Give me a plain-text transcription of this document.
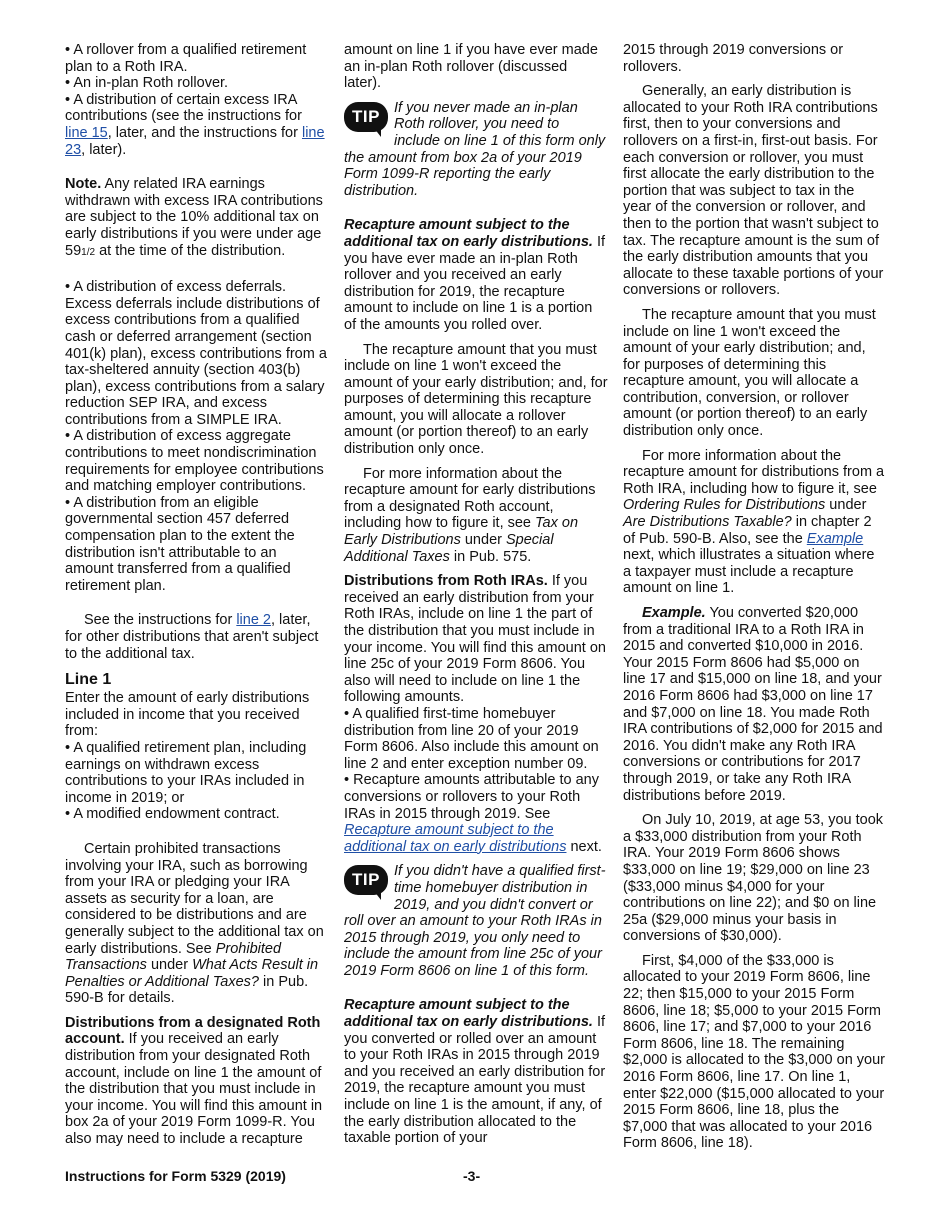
• A rollover from a qualified retirement plan to a Roth IRA.

• An in-plan Roth rollover.

• A distribution of certain excess IRA contributions (see the instructions for line 15, later, and the instructions for line 23, later).

Note. Any related IRA earnings withdrawn with excess IRA contributions are subject to the 10% additional tax on early distributions if you were under age 591/2 at the time of the distribution.

• A distribution of excess deferrals. Excess deferrals include distributions of excess contributions from a qualified cash or deferred arrangement (section 401(k) plan), excess contributions from a tax-sheltered annuity (section 403(b) plan), excess contributions from a salary reduction SEP IRA, and excess contributions from a SIMPLE IRA.

• A distribution of excess aggregate contributions to meet nondiscrimination requirements for employee contributions and matching employer contributions.

• A distribution from an eligible governmental section 457 deferred compensation plan to the extent the distribution isn't attributable to an amount transferred from a qualified retirement plan.

See the instructions for line 2, later, for other distributions that aren't subject to the additional tax.

Line 1

Enter the amount of early distributions included in income that you received from:

• A qualified retirement plan, including earnings on withdrawn excess contributions to your IRAs included in income in 2019; or

• A modified endowment contract.

Certain prohibited transactions involving your IRA, such as borrowing from your IRA or pledging your IRA assets as security for a loan, are considered to be distributions and are generally subject to the additional tax on early distributions. See Prohibited Transactions under What Acts Result in Penalties or Additional Taxes? in Pub. 590-B for details.

Distributions from a designated Roth account. If you received an early distribution from your designated Roth account, include on line 1 the amount of the distribution that you must include in your income. You will find this amount in box 2a of your 2019 Form 1099-R. You also may need to include a recapture

amount on line 1 if you have ever made an in-plan Roth rollover (discussed later).

TIP If you never made an in-plan Roth rollover, you need to include on line 1 of this form only the amount from box 2a of your 2019 Form 1099-R reporting the early distribution.

Recapture amount subject to the additional tax on early distributions. If you have ever made an in-plan Roth rollover and you received an early distribution for 2019, the recapture amount to include on line 1 is a portion of the amounts you rolled over.

The recapture amount that you must include on line 1 won't exceed the amount of your early distribution; and, for purposes of determining this recapture amount, you will allocate a rollover amount (or portion thereof) to an early distribution only once.

For more information about the recapture amount for early distributions from a designated Roth account, including how to figure it, see Tax on Early Distributions under Special Additional Taxes in Pub. 575.

Distributions from Roth IRAs. If you received an early distribution from your Roth IRAs, include on line 1 the part of the distribution that you must include in your income. You will find this amount on line 25c of your 2019 Form 8606. You also will need to include on line 1 the following amounts.

• A qualified first-time homebuyer distribution from line 20 of your 2019 Form 8606. Also include this amount on line 2 and enter exception number 09.

• Recapture amounts attributable to any conversions or rollovers to your Roth IRAs in 2015 through 2019. See Recapture amount subject to the additional tax on early distributions next.

TIP If you didn't have a qualified first-time homebuyer distribution in 2019, and you didn't convert or roll over an amount to your Roth IRAs in 2015 through 2019, you only need to include the amount from line 25c of your 2019 Form 8606 on line 1 of this form.

Recapture amount subject to the additional tax on early distributions. If you converted or rolled over an amount to your Roth IRAs in 2015 through 2019 and you received an early distribution for 2019, the recapture amount you must include on line 1 is the amount, if any, of the early distribution allocated to the taxable portion of your

2015 through 2019 conversions or rollovers.

Generally, an early distribution is allocated to your Roth IRA contributions first, then to your conversions and rollovers on a first-in, first-out basis. For each conversion or rollover, you must first allocate the early distribution to the portion that was subject to tax in the year of the conversion or rollover, and then to the portion that wasn't subject to tax. The recapture amount is the sum of the early distribution amounts that you allocate to these taxable portions of your conversions or rollovers.

The recapture amount that you must include on line 1 won't exceed the amount of your early distribution; and, for purposes of determining this recapture amount, you will allocate a contribution, conversion, or rollover amount (or portion thereof) to an early distribution only once.

For more information about the recapture amount for distributions from a Roth IRA, including how to figure it, see Ordering Rules for Distributions under Are Distributions Taxable? in chapter 2 of Pub. 590-B. Also, see the Example next, which illustrates a situation where a taxpayer must include a recapture amount on line 1.

Example. You converted $20,000 from a traditional IRA to a Roth IRA in 2015 and converted $10,000 in 2016. Your 2015 Form 8606 had $5,000 on line 17 and $15,000 on line 18, and your 2016 Form 8606 had $3,000 on line 17 and $7,000 on line 18. You made Roth IRA contributions of $2,000 for 2015 and 2016. You didn't make any Roth IRA conversions or contributions for 2017 through 2019, or take any Roth IRA distributions before 2019.

On July 10, 2019, at age 53, you took a $33,000 distribution from your Roth IRA. Your 2019 Form 8606 shows $33,000 on line 19; $29,000 on line 23 ($33,000 minus $4,000 for your contributions on line 22); and $0 on line 25a ($29,000 minus your basis in conversions of $30,000).

First, $4,000 of the $33,000 is allocated to your 2019 Form 8606, line 22; then $15,000 to your 2015 Form 8606, line 18; $5,000 to your 2015 Form 8606, line 17; and $7,000 to your 2016 Form 8606, line 18. The remaining $2,000 is allocated to the $3,000 on your 2016 Form 8606, line 17. On line 1, enter $22,000 ($15,000 allocated to your 2015 Form 8606, line 18, plus the $7,000 that was allocated to your 2016 Form 8606, line 18).

Instructions for Form 5329 (2019)	-3-
